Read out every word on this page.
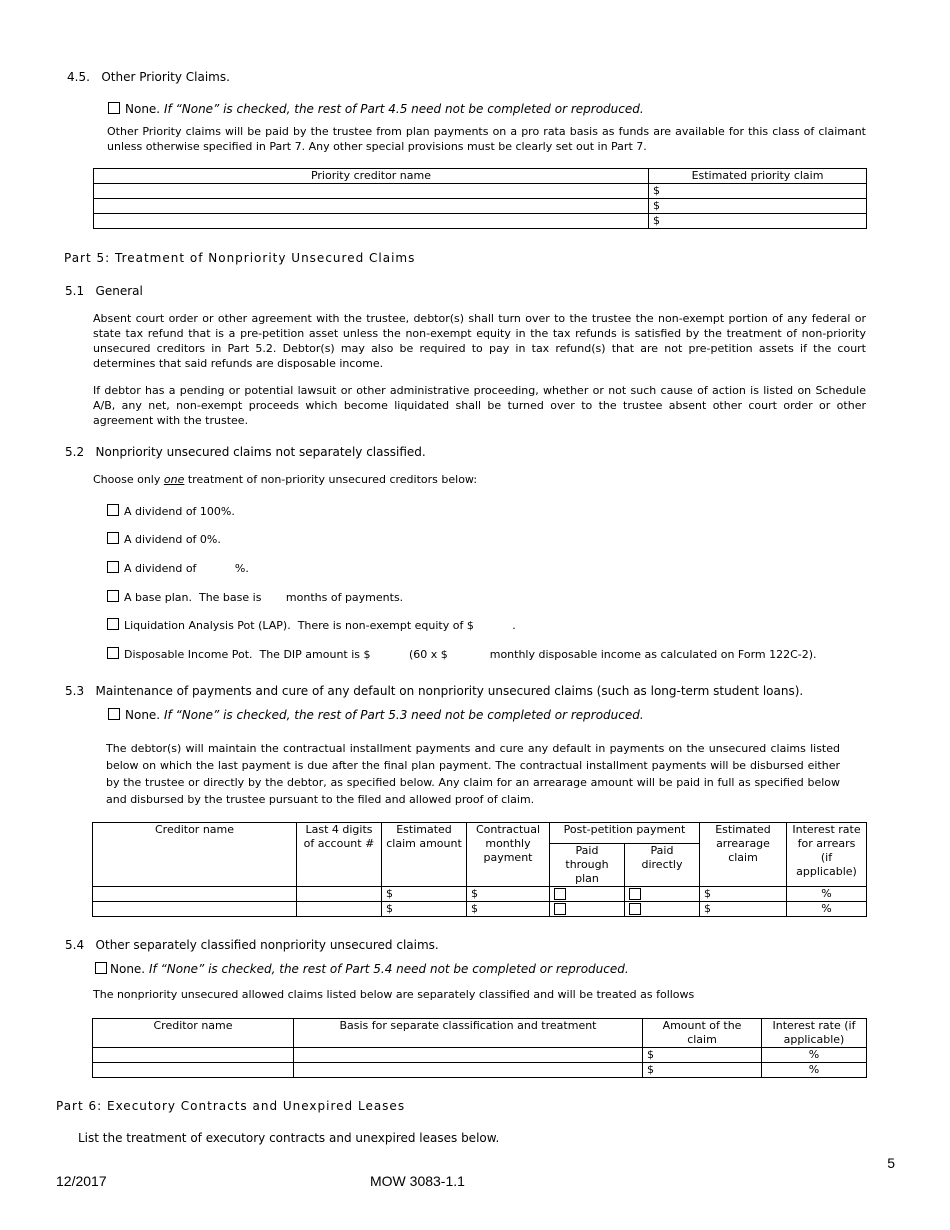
4.5. Other Priority Claims.
None. If “None” is checked, the rest of Part 4.5 need not be completed or reproduced.
Other Priority claims will be paid by the trustee from plan payments on a pro rata basis as funds are available for this class of claimant unless otherwise specified in Part 7. Any other special provisions must be clearly set out in Part 7.
Priority creditor name	Estimated priority claim
	$
	$
	$
Part 5: Treatment of Nonpriority Unsecured Claims
5.1 General
Absent court order or other agreement with the trustee, debtor(s) shall turn over to the trustee the non-exempt portion of any federal or state tax refund that is a pre-petition asset unless the non-exempt equity in the tax refunds is satisfied by the treatment of non-priority unsecured creditors in Part 5.2. Debtor(s) may also be required to pay in tax refund(s) that are not pre-petition assets if the court determines that said refunds are disposable income.
If debtor has a pending or potential lawsuit or other administrative proceeding, whether or not such cause of action is listed on Schedule A/B, any net, non-exempt proceeds which become liquidated shall be turned over to the trustee absent other court order or other agreement with the trustee.
5.2 Nonpriority unsecured claims not separately classified.
Choose only one treatment of non-priority unsecured creditors below:
A dividend of 100%.
A dividend of 0%.
A dividend of           %.
A base plan.  The base is       months of payments.
Liquidation Analysis Pot (LAP).  There is non-exempt equity of $           .
Disposable Income Pot.  The DIP amount is $           (60 x $            monthly disposable income as calculated on Form 122C-2).
5.3 Maintenance of payments and cure of any default on nonpriority unsecured claims (such as long-term student loans).
None. If “None” is checked, the rest of Part 5.3 need not be completed or reproduced.
The debtor(s) will maintain the contractual installment payments and cure any default in payments on the unsecured claims listed below on which the last payment is due after the final plan payment. The contractual installment payments will be disbursed either by the trustee or directly by the debtor, as specified below. Any claim for an arrearage amount will be paid in full as specified below and disbursed by the trustee pursuant to the filed and allowed proof of claim.
Creditor name	Last 4 digits of account #	Estimated claim amount	Contractual monthly payment	Post-petition payment		Estimated arrearage claim	Interest rate for arrears (if applicable)
				Paid through plan	Paid directly		
		$	$			$	%
		$	$			$	%
5.4 Other separately classified nonpriority unsecured claims.
None. If “None” is checked, the rest of Part 5.4 need not be completed or reproduced.
The nonpriority unsecured allowed claims listed below are separately classified and will be treated as follows
Creditor name	Basis for separate classification and treatment	Amount of the claim	Interest rate (if applicable)
		$	%
		$	%
Part 6: Executory Contracts and Unexpired Leases
List the treatment of executory contracts and unexpired leases below.
5
12/2017	MOW 3083-1.1
